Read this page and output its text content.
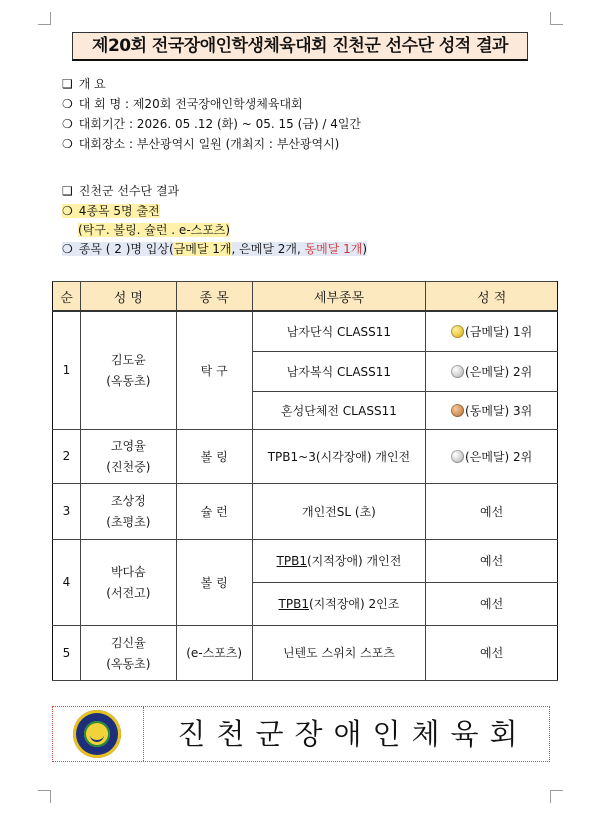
제20회 전국장애인학생체육대회 진천군 선수단 성적 결과
❑ 개 요
❍ 대 회 명 : 제20회 전국장애인학생체육대회
❍ 대회기간 : 2026. 05 .12 (화) ~ 05. 15 (금) / 4일간
❍ 대회장소 : 부산광역시 일원 (개최지 : 부산광역시)
❑ 진천군 선수단 결과
❍ 4종목 5명 출전
(탁구. 볼링. 슐런 . e-스포츠)
❍ 종목 ( 2 )명 입상(금메달 1개, 은메달 2개, 동메달 1개)
순	성 명	종 목	세부종목	성 적
1	김도윤
(옥동초)	탁 구	남자단식 CLASS11	(금메달) 1위
			남자복식 CLASS11	(은메달) 2위
			혼성단체전 CLASS11	(동메달) 3위
2	고영율
(진천중)	볼 링	TPB1~3(시각장애) 개인전	(은메달) 2위
3	조상정
(초평초)	슐 런	개인전SL (초)	예선
4	박다솜
(서전고)	볼 링	TPB1(지적장애) 개인전	예선
			TPB1(지적장애) 2인조	예선
5	김신율
(옥동초)	(e-스포츠)	닌텐도 스위치 스포츠	예선
진천군장애인체육회
